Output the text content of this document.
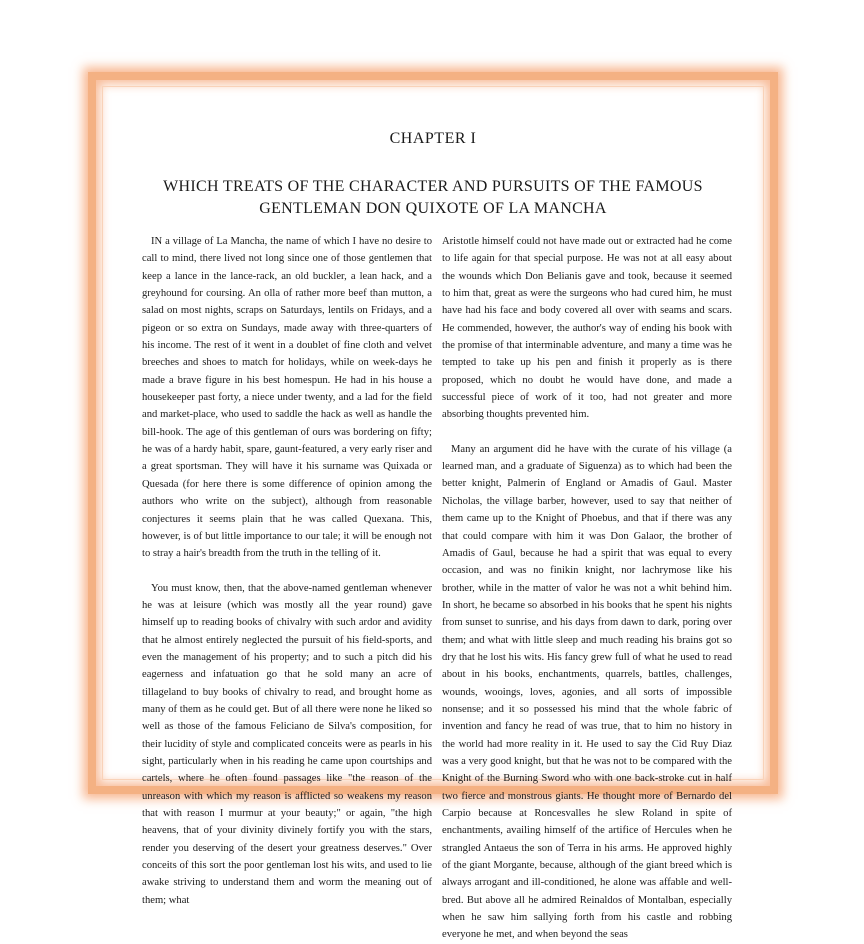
CHAPTER I
WHICH TREATS OF THE CHARACTER AND PURSUITS OF THE FAMOUS
GENTLEMAN DON QUIXOTE OF LA MANCHA

IN a village of La Mancha, the name of which I have no desire to call to mind, there lived not long since one of those gentlemen that keep a lance in the lance-rack, an old buckler, a lean hack, and a greyhound for coursing. An olla of rather more beef than mutton, a salad on most nights, scraps on Saturdays, lentils on Fridays, and a pigeon or so extra on Sundays, made away with three-quarters of his income. The rest of it went in a doublet of fine cloth and velvet breeches and shoes to match for holidays, while on week-days he made a brave figure in his best homespun. He had in his house a housekeeper past forty, a niece under twenty, and a lad for the field and market-place, who used to saddle the hack as well as handle the bill-hook. The age of this gentleman of ours was bordering on fifty; he was of a hardy habit, spare, gaunt-featured, a very early riser and a great sportsman. They will have it his surname was Quixada or Quesada (for here there is some difference of opinion among the authors who write on the subject), although from reasonable conjectures it seems plain that he was called Quexana. This, however, is of but little importance to our tale; it will be enough not to stray a hair's breadth from the truth in the telling of it.

You must know, then, that the above-named gentleman whenever he was at leisure (which was mostly all the year round) gave himself up to reading books of chivalry with such ardor and avidity that he almost entirely neglected the pursuit of his field-sports, and even the management of his property; and to such a pitch did his eagerness and infatuation go that he sold many an acre of tillageland to buy books of chivalry to read, and brought home as many of them as he could get. But of all there were none he liked so well as those of the famous Feliciano de Silva's composition, for their lucidity of style and complicated conceits were as pearls in his sight, particularly when in his reading he came upon courtships and cartels, where he often found passages like "the reason of the unreason with which my reason is afflicted so weakens my reason that with reason I murmur at your beauty;" or again, "the high heavens, that of your divinity divinely fortify you with the stars, render you deserving of the desert your greatness deserves." Over conceits of this sort the poor gentleman lost his wits, and used to lie awake striving to understand them and worm the meaning out of them; what

Aristotle himself could not have made out or extracted had he come to life again for that special purpose. He was not at all easy about the wounds which Don Belianis gave and took, because it seemed to him that, great as were the surgeons who had cured him, he must have had his face and body covered all over with seams and scars. He commended, however, the author's way of ending his book with the promise of that interminable adventure, and many a time was he tempted to take up his pen and finish it properly as is there proposed, which no doubt he would have done, and made a successful piece of work of it too, had not greater and more absorbing thoughts prevented him.

Many an argument did he have with the curate of his village (a learned man, and a graduate of Siguenza) as to which had been the better knight, Palmerin of England or Amadis of Gaul. Master Nicholas, the village barber, however, used to say that neither of them came up to the Knight of Phoebus, and that if there was any that could compare with him it was Don Galaor, the brother of Amadis of Gaul, because he had a spirit that was equal to every occasion, and was no finikin knight, nor lachrymose like his brother, while in the matter of valor he was not a whit behind him. In short, he became so absorbed in his books that he spent his nights from sunset to sunrise, and his days from dawn to dark, poring over them; and what with little sleep and much reading his brains got so dry that he lost his wits. His fancy grew full of what he used to read about in his books, enchantments, quarrels, battles, challenges, wounds, wooings, loves, agonies, and all sorts of impossible nonsense; and it so possessed his mind that the whole fabric of invention and fancy he read of was true, that to him no history in the world had more reality in it. He used to say the Cid Ruy Diaz was a very good knight, but that he was not to be compared with the Knight of the Burning Sword who with one back-stroke cut in half two fierce and monstrous giants. He thought more of Bernardo del Carpio because at Roncesvalles he slew Roland in spite of enchantments, availing himself of the artifice of Hercules when he strangled Antaeus the son of Terra in his arms. He approved highly of the giant Morgante, because, although of the giant breed which is always arrogant and ill-conditioned, he alone was affable and well-bred. But above all he admired Reinaldos of Montalban, especially when he saw him sallying forth from his castle and robbing everyone he met, and when beyond the seas
